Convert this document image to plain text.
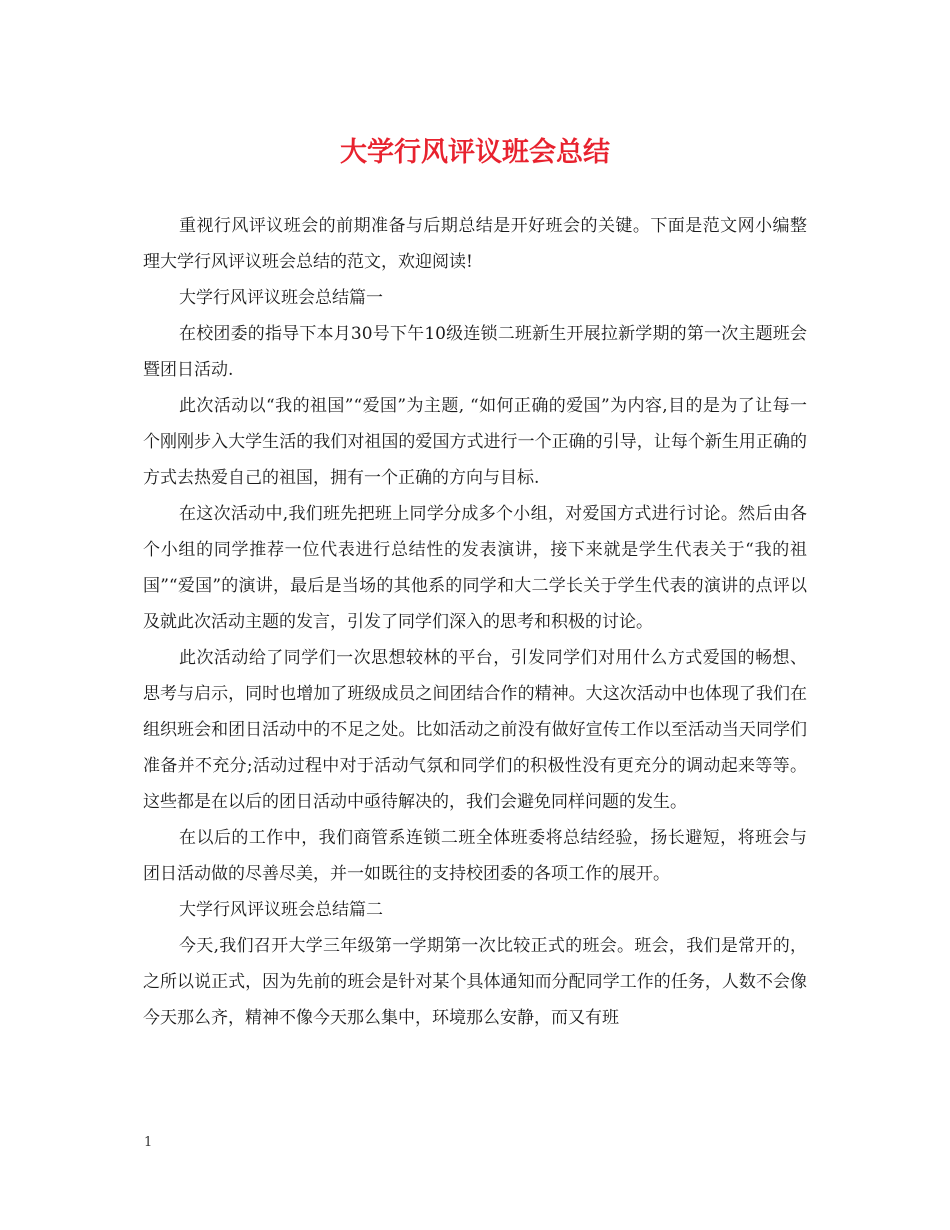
大学行风评议班会总结

重视行风评议班会的前期准备与后期总结是开好班会的关键。下面是范文网小编整理大学行风评议班会总结的范文，欢迎阅读!

大学行风评议班会总结篇一

在校团委的指导下本月30号下午10级连锁二班新生开展拉新学期的第一次主题班会暨团日活动.

此次活动以“我的祖国”“爱国”为主题, “如何正确的爱国”为内容,目的是为了让每一个刚刚步入大学生活的我们对祖国的爱国方式进行一个正确的引导，让每个新生用正确的方式去热爱自己的祖国，拥有一个正确的方向与目标.

在这次活动中,我们班先把班上同学分成多个小组，对爱国方式进行讨论。然后由各个小组的同学推荐一位代表进行总结性的发表演讲，接下来就是学生代表关于“我的祖国”“爱国”的演讲，最后是当场的其他系的同学和大二学长关于学生代表的演讲的点评以及就此次活动主题的发言，引发了同学们深入的思考和积极的讨论。

此次活动给了同学们一次思想较林的平台，引发同学们对用什么方式爱国的畅想、思考与启示，同时也增加了班级成员之间团结合作的精神。大这次活动中也体现了我们在组织班会和团日活动中的不足之处。比如活动之前没有做好宣传工作以至活动当天同学们准备并不充分;活动过程中对于活动气氛和同学们的积极性没有更充分的调动起来等等。这些都是在以后的团日活动中亟待解决的，我们会避免同样问题的发生。

在以后的工作中，我们商管系连锁二班全体班委将总结经验，扬长避短，将班会与团日活动做的尽善尽美，并一如既往的支持校团委的各项工作的展开。

大学行风评议班会总结篇二

今天,我们召开大学三年级第一学期第一次比较正式的班会。班会，我们是常开的，之所以说正式，因为先前的班会是针对某个具体通知而分配同学工作的任务，人数不会像今天那么齐，精神不像今天那么集中，环境那么安静，而又有班

1
